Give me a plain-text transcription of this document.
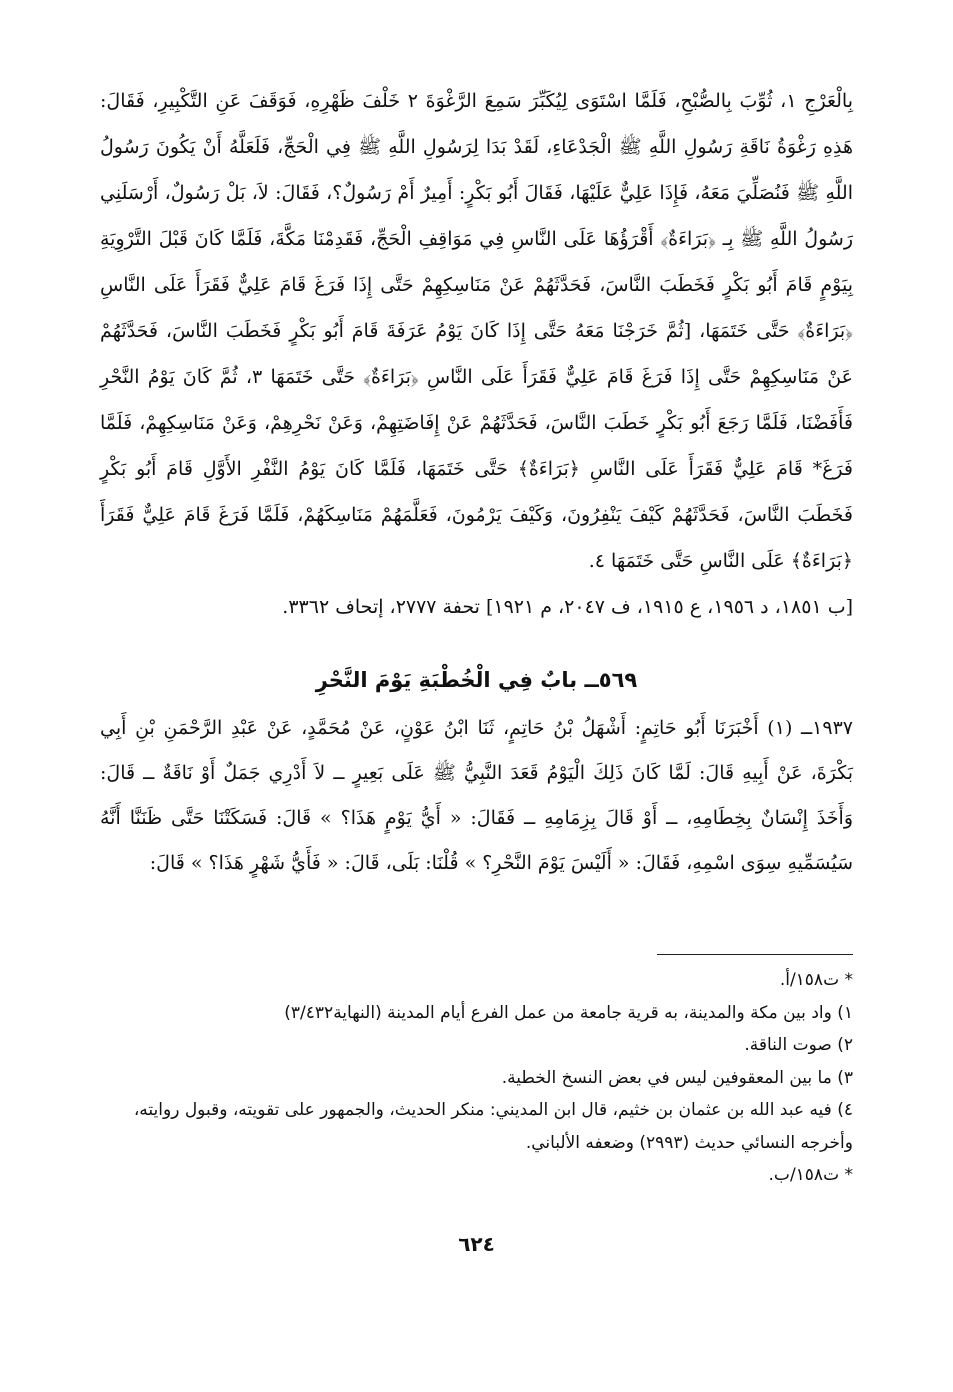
بِالْعَرْجِ ١، ثُوِّبَ بِالصُّبْحِ، فَلَمَّا اسْتَوَى لِيُكَبِّرَ سَمِعَ الرَّغْوَةَ ٢ خَلْفَ ظَهْرِهِ، فَوَقَفَ عَنِ التَّكْبِيرِ، فَقَالَ: هَذِهِ رَغْوَةُ نَاقَةِ رَسُولِ اللَّهِ ﷺ الْجَدْعَاءِ، لَقَدْ بَدَا لِرَسُولِ اللَّهِ ﷺ فِي الْحَجِّ، فَلَعَلَّهُ أَنْ يَكُونَ رَسُولُ اللَّهِ ﷺ فَنُصَلِّيَ مَعَهُ، فَإِذَا عَلِيٌّ عَلَيْهَا، فَقَالَ أَبُو بَكْرٍ: أَمِيرٌ أَمْ رَسُولٌ؟، فَقَالَ: لاَ، بَلْ رَسُولٌ، أَرْسَلَنِي رَسُولُ اللَّهِ ﷺ بِـ ﴿بَرَاءَةٌ﴾ أَقْرَؤُهَا عَلَى النَّاسِ فِي مَوَاقِفِ الْحَجِّ، فَقَدِمْنَا مَكَّةَ، فَلَمَّا كَانَ قَبْلَ التَّرْوِيَةِ بِيَوْمٍ قَامَ أَبُو بَكْرٍ فَخَطَبَ النَّاسَ، فَحَدَّثَهُمْ عَنْ مَنَاسِكِهِمْ حَتَّى إِذَا فَرَغَ قَامَ عَلِيٌّ فَقَرَأَ عَلَى النَّاسِ ﴿بَرَاءَةٌ﴾ حَتَّى خَتَمَهَا، [ثُمَّ خَرَجْنَا مَعَهُ حَتَّى إِذَا كَانَ يَوْمُ عَرَفَةَ قَامَ أَبُو بَكْرٍ فَخَطَبَ النَّاسَ، فَحَدَّثَهُمْ عَنْ مَنَاسِكِهِمْ حَتَّى إِذَا فَرَغَ قَامَ عَلِيٌّ فَقَرَأَ عَلَى النَّاسِ ﴿بَرَاءَةٌ﴾ حَتَّى خَتَمَهَا ٣، ثُمَّ كَانَ يَوْمُ النَّحْرِ فَأَفَضْنَا، فَلَمَّا رَجَعَ أَبُو بَكْرٍ خَطَبَ النَّاسَ، فَحَدَّثَهُمْ عَنْ إِفَاضَتِهِمْ، وَعَنْ نَحْرِهِمْ، وَعَنْ مَنَاسِكِهِمْ، فَلَمَّا فَرَغَ* قَامَ عَلِيٌّ فَقَرَأَ عَلَى النَّاسِ ﴿بَرَاءَةٌ﴾ حَتَّى خَتَمَهَا، فَلَمَّا كَانَ يَوْمُ النَّفْرِ الأَوَّلِ قَامَ أَبُو بَكْرٍ فَخَطَبَ النَّاسَ، فَحَدَّثَهُمْ كَيْفَ يَنْفِرُونَ، وَكَيْفَ يَرْمُونَ، فَعَلَّمَهُمْ مَنَاسِكَهُمْ، فَلَمَّا فَرَغَ قَامَ عَلِيٌّ فَقَرَأَ ﴿بَرَاءَةٌ﴾ عَلَى النَّاسِ حَتَّى خَتَمَهَا ٤.

[ب ١٨٥١، د ١٩٥٦، ع ١٩١٥، ف ٢٠٤٧، م ١٩٢١] تحفة ٢٧٧٧، إتحاف ٣٣٦٢.

٥٦٩ــ بابٌ فِي الْخُطْبَةِ يَوْمَ النَّحْرِ

١٩٣٧ــ (١) أَخْبَرَنَا أَبُو حَاتِمٍ: أَشْهَلُ بْنُ حَاتِمٍ، ثَنَا ابْنُ عَوْنٍ، عَنْ مُحَمَّدٍ، عَنْ عَبْدِ الرَّحْمَنِ بْنِ أَبِي بَكْرَةَ، عَنْ أَبِيهِ قَالَ: لَمَّا كَانَ ذَلِكَ الْيَوْمُ قَعَدَ النَّبِيُّ ﷺ عَلَى بَعِيرٍ ــ لاَ أَدْرِي جَمَلٌ أَوْ نَاقَةٌ ــ قَالَ: وَأَخَذَ إِنْسَانٌ بِخِطَامِهِ، ــ أَوْ قَالَ بِزِمَامِهِ ــ فَقَالَ: « أَيُّ يَوْمٍ هَذَا؟ » قَالَ: فَسَكَتْنَا حَتَّى ظَنَنَّا أَنَّهُ سَيُسَمِّيهِ سِوَى اسْمِهِ، فَقَالَ: « أَلَيْسَ يَوْمَ النَّحْرِ؟ » قُلْنَا: بَلَى، قَالَ: « فَأَيُّ شَهْرٍ هَذَا؟ » قَالَ:

* ت١٥٨/أ.
١) واد بين مكة والمدينة، به قرية جامعة من عمل الفرع أيام المدينة (النهاية٣/٤٣٢)
٢) صوت الناقة.
٣) ما بين المعقوفين ليس في بعض النسخ الخطية.
٤) فيه عبد الله بن عثمان بن خثيم، قال ابن المديني: منكر الحديث، والجمهور على تقويته، وقبول روايته، وأخرجه النسائي حديث (٢٩٩٣) وضعفه الألباني.
* ت١٥٨/ب.
٦٢٤
